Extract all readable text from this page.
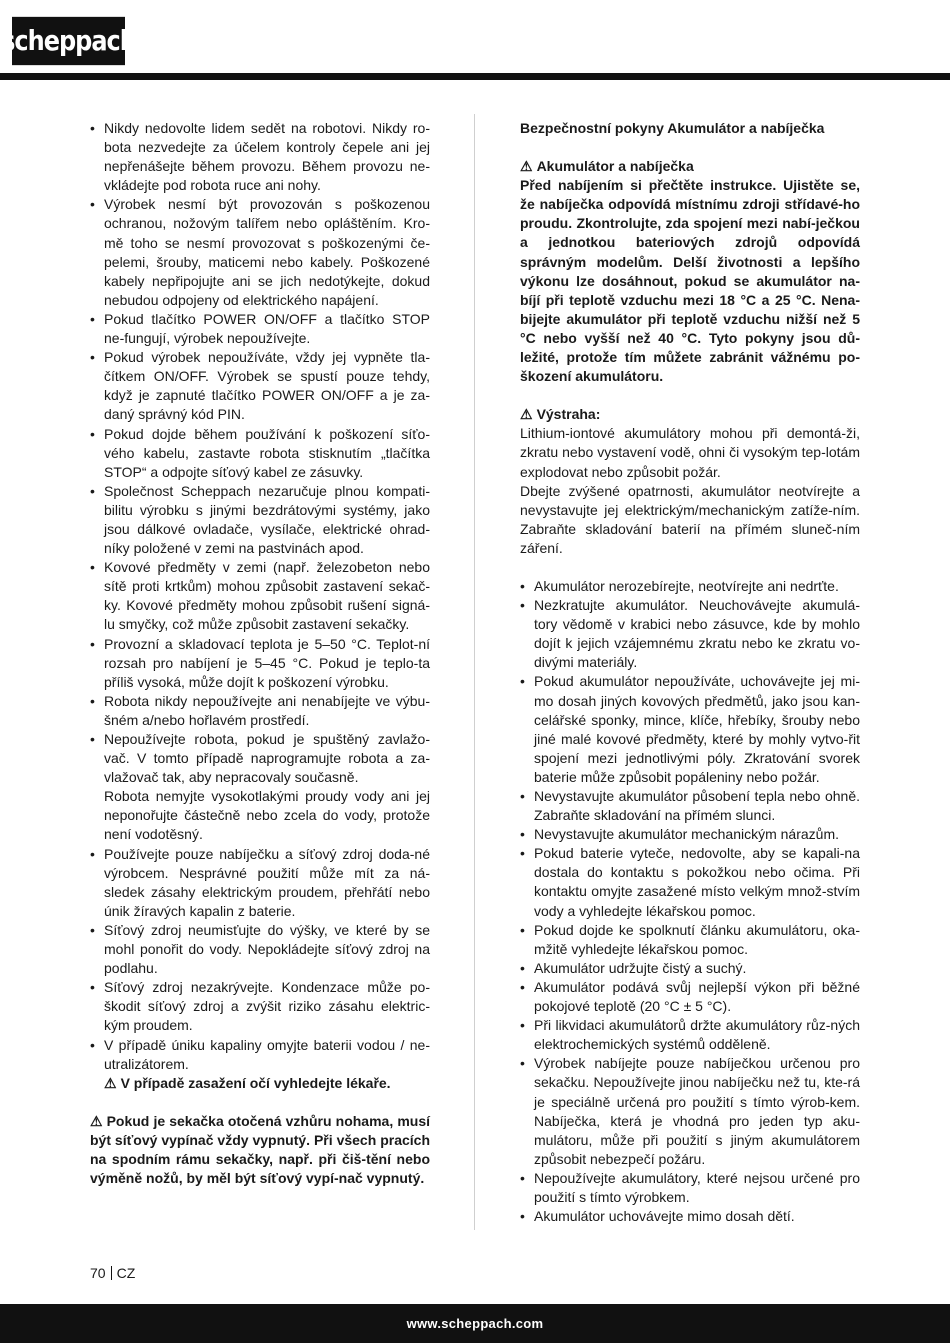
scheppach
• Nikdy nedovolte lidem sedět na robotovi. Nikdy ro-bota nezvedejte za účelem kontroly čepele ani jej nepřenášejte během provozu. Během provozu ne-vkládejte pod robota ruce ani nohy.
• Výrobek nesmí být provozován s poškozenou ochranou, nožovým talířem nebo opláštěním. Kro-mě toho se nesmí provozovat s poškozenými če-pelemi, šrouby, maticemi nebo kabely. Poškozené kabely nepřipojujte ani se jich nedotýkejte, dokud nebudou odpojeny od elektrického napájení.
• Pokud tlačítko POWER ON/OFF a tlačítko STOP ne-fungují, výrobek nepoužívejte.
• Pokud výrobek nepoužíváte, vždy jej vypněte tla-čítkem ON/OFF. Výrobek se spustí pouze tehdy, když je zapnuté tlačítko POWER ON/OFF a je za-daný správný kód PIN.
• Pokud dojde během používání k poškození síťo-vého kabelu, zastavte robota stisknutím „tlačítka STOP“ a odpojte síťový kabel ze zásuvky.
• Společnost Scheppach nezaručuje plnou kompati-bilitu výrobku s jinými bezdrátovými systémy, jako jsou dálkové ovladače, vysílače, elektrické ohrad-níky položené v zemi na pastvinách apod.
• Kovové předměty v zemi (např. železobeton nebo sítě proti krtkům) mohou způsobit zastavení sekač-ky. Kovové předměty mohou způsobit rušení signá-lu smyčky, což může způsobit zastavení sekačky.
• Provozní a skladovací teplota je 5–50 °C. Teplot-ní rozsah pro nabíjení je 5–45 °C. Pokud je teplo-ta příliš vysoká, může dojít k poškození výrobku.
• Robota nikdy nepoužívejte ani nenabíjejte ve výbu-šném a/nebo hořlavém prostředí.
• Nepoužívejte robota, pokud je spuštěný zavlažo-vač. V tomto případě naprogramujte robota a za-vlažovač tak, aby nepracovaly současně.

Robota nemyjte vysokotlakými proudy vody ani jej neponořujte částečně nebo zcela do vody, protože není vodotěsný.

• Používejte pouze nabíječku a síťový zdroj doda-né výrobcem. Nesprávné použití může mít za ná-sledek zásahy elektrickým proudem, přehřátí nebo únik žíravých kapalin z baterie.
• Síťový zdroj neumisťujte do výšky, ve které by se mohl ponořit do vody. Nepokládejte síťový zdroj na podlahu.
• Síťový zdroj nezakrývejte. Kondenzace může po-škodit síťový zdroj a zvýšit riziko zásahu elektric-kým proudem.
• V případě úniku kapaliny omyjte baterii vodou / ne-utralizátorem.
⚠ V případě zasažení očí vyhledejte lékaře.

⚠ Pokud je sekačka otočená vzhůru nohama, musí být síťový vypínač vždy vypnutý. Při všech pracích na spodním rámu sekačky, např. při čiš-tění nebo výměně nožů, by měl být síťový vypí-nač vypnutý.

Bezpečnostní pokyny Akumulátor a nabíječka

⚠ Akumulátor a nabíječka

Před nabíjením si přečtěte instrukce. Ujistěte se, že nabíječka odpovídá místnímu zdroji střídavé-ho proudu. Zkontrolujte, zda spojení mezi nabí-ječkou a jednotkou bateriových zdrojů odpovídá správným modelům. Delší životnosti a lepšího výkonu lze dosáhnout, pokud se akumulátor na-bíjí při teplotě vzduchu mezi 18 °C a 25 °C. Nena-bijejte akumulátor při teplotě vzduchu nižší než 5 °C nebo vyšší než 40 °C. Tyto pokyny jsou dů-ležité, protože tím můžete zabránit vážnému po-škození akumulátoru.

⚠ Výstraha:

Lithium-iontové akumulátory mohou při demontá-ži, zkratu nebo vystavení vodě, ohni či vysokým tep-lotám explodovat nebo způsobit požár.

Dbejte zvýšené opatrnosti, akumulátor neotvírejte a nevystavujte jej elektrickým/mechanickým zatíže-ním. Zabraňte skladování baterií na přímém sluneč-ním záření.

• Akumulátor nerozebírejte, neotvírejte ani nedrťte.
• Nezkratujte akumulátor. Neuchovávejte akumulá-tory vědomě v krabici nebo zásuvce, kde by mohlo dojít k jejich vzájemnému zkratu nebo ke zkratu vo-divými materiály.
• Pokud akumulátor nepoužíváte, uchovávejte jej mi-mo dosah jiných kovových předmětů, jako jsou kan-celářské sponky, mince, klíče, hřebíky, šrouby nebo jiné malé kovové předměty, které by mohly vytvo-řit spojení mezi jednotlivými póly. Zkratování svorek baterie může způsobit popáleniny nebo požár.
• Nevystavujte akumulátor působení tepla nebo ohně. Zabraňte skladování na přímém slunci.
• Nevystavujte akumulátor mechanickým nárazům.
• Pokud baterie vyteče, nedovolte, aby se kapali-na dostala do kontaktu s pokožkou nebo očima. Při kontaktu omyjte zasažené místo velkým množ-stvím vody a vyhledejte lékařskou pomoc.
• Pokud dojde ke spolknutí článku akumulátoru, oka-mžitě vyhledejte lékařskou pomoc.
• Akumulátor udržujte čistý a suchý.
• Akumulátor podává svůj nejlepší výkon při běžné pokojové teplotě (20 °C ± 5 °C).
• Při likvidaci akumulátorů držte akumulátory růz-ných elektrochemických systémů odděleně.
• Výrobek nabíjejte pouze nabíječkou určenou pro sekačku. Nepoužívejte jinou nabíječku než tu, kte-rá je speciálně určená pro použití s tímto výrob-kem. Nabíječka, která je vhodná pro jeden typ aku-mulátoru, může při použití s jiným akumulátorem způsobit nebezpečí požáru.
• Nepoužívejte akumulátory, které nejsou určené pro použití s tímto výrobkem.
• Akumulátor uchovávejte mimo dosah dětí.
70 CZ
www.scheppach.com
